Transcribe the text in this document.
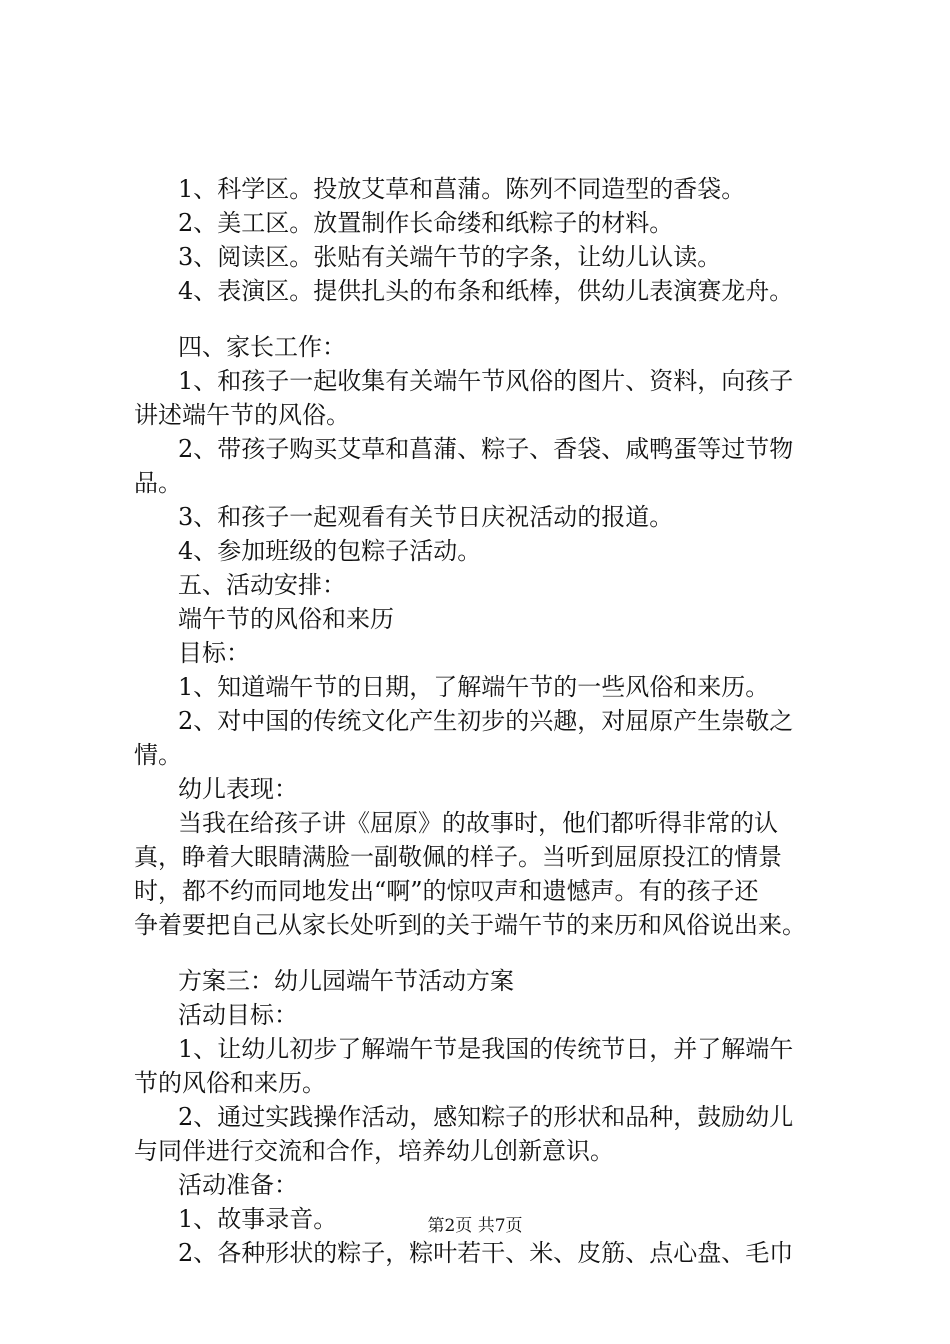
1、科学区。投放艾草和菖蒲。陈列不同造型的香袋。

2、美工区。放置制作长命缕和纸粽子的材料。

3、阅读区。张贴有关端午节的字条，让幼儿认读。

4、表演区。提供扎头的布条和纸棒，供幼儿表演赛龙舟。

四、家长工作：

1、和孩子一起收集有关端午节风俗的图片、资料，向孩子

讲述端午节的风俗。

2、带孩子购买艾草和菖蒲、粽子、香袋、咸鸭蛋等过节物

品。

3、和孩子一起观看有关节日庆祝活动的报道。

4、参加班级的包粽子活动。

五、活动安排：

端午节的风俗和来历

目标：

1、知道端午节的日期，了解端午节的一些风俗和来历。

2、对中国的传统文化产生初步的兴趣，对屈原产生崇敬之

情。

幼儿表现：

当我在给孩子讲《屈原》的故事时，他们都听得非常的认

真，睁着大眼睛满脸一副敬佩的样子。当听到屈原投江的情景

时，都不约而同地发出“啊”的惊叹声和遗憾声。有的孩子还

争着要把自己从家长处听到的关于端午节的来历和风俗说出来。

方案三：幼儿园端午节活动方案

活动目标：

1、让幼儿初步了解端午节是我国的传统节日，并了解端午

节的风俗和来历。

2、通过实践操作活动，感知粽子的形状和品种，鼓励幼儿

与同伴进行交流和合作，培养幼儿创新意识。

活动准备：

1、故事录音。

2、各种形状的粽子，粽叶若干、米、皮筋、点心盘、毛巾

第2页 共7页
